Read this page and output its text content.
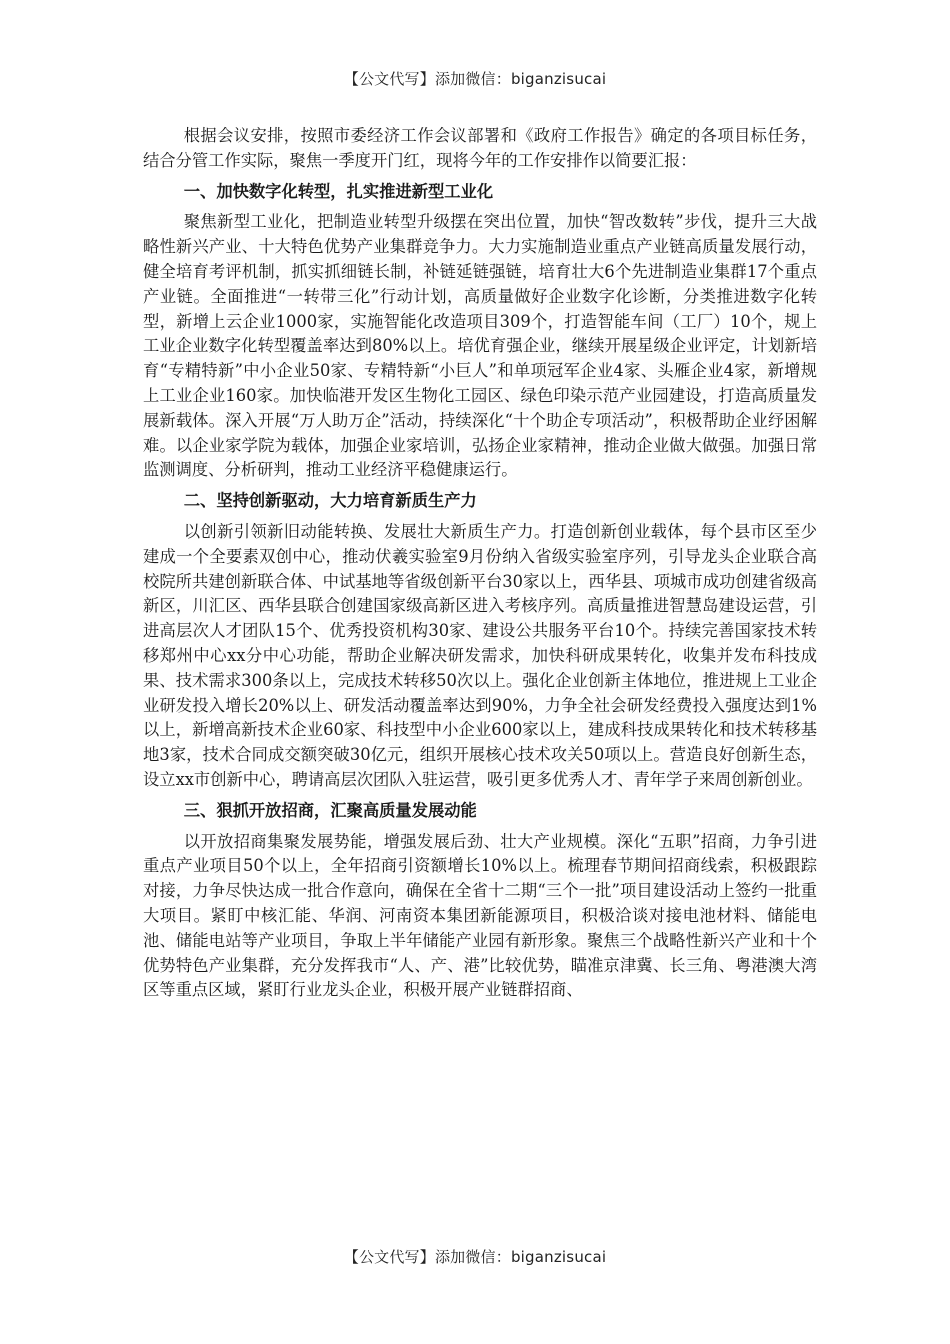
【公文代写】添加微信：biganzisucai

根据会议安排，按照市委经济工作会议部署和《政府工作报告》确定的各项目标任务，结合分管工作实际，聚焦一季度开门红，现将今年的工作安排作以简要汇报：

一、加快数字化转型，扎实推进新型工业化

聚焦新型工业化，把制造业转型升级摆在突出位置，加快“智改数转”步伐，提升三大战略性新兴产业、十大特色优势产业集群竞争力。大力实施制造业重点产业链高质量发展行动，健全培育考评机制，抓实抓细链长制，补链延链强链，培育壮大6个先进制造业集群17个重点产业链。全面推进“一转带三化”行动计划，高质量做好企业数字化诊断，分类推进数字化转型，新增上云企业1000家，实施智能化改造项目309个，打造智能车间（工厂）10个，规上工业企业数字化转型覆盖率达到80%以上。培优育强企业，继续开展星级企业评定，计划新培育“专精特新”中小企业50家、专精特新“小巨人”和单项冠军企业4家、头雁企业4家，新增规上工业企业160家。加快临港开发区生物化工园区、绿色印染示范产业园建设，打造高质量发展新载体。深入开展“万人助万企”活动，持续深化“十个助企专项活动”，积极帮助企业纾困解难。以企业家学院为载体，加强企业家培训，弘扬企业家精神，推动企业做大做强。加强日常监测调度、分析研判，推动工业经济平稳健康运行。

二、坚持创新驱动，大力培育新质生产力

以创新引领新旧动能转换、发展壮大新质生产力。打造创新创业载体，每个县市区至少建成一个全要素双创中心，推动伏羲实验室9月份纳入省级实验室序列，引导龙头企业联合高校院所共建创新联合体、中试基地等省级创新平台30家以上，西华县、项城市成功创建省级高新区，川汇区、西华县联合创建国家级高新区进入考核序列。高质量推进智慧岛建设运营，引进高层次人才团队15个、优秀投资机构30家、建设公共服务平台10个。持续完善国家技术转移郑州中心xx分中心功能，帮助企业解决研发需求，加快科研成果转化，收集并发布科技成果、技术需求300条以上，完成技术转移50次以上。强化企业创新主体地位，推进规上工业企业研发投入增长20%以上、研发活动覆盖率达到90%，力争全社会研发经费投入强度达到1%以上，新增高新技术企业60家、科技型中小企业600家以上，建成科技成果转化和技术转移基地3家，技术合同成交额突破30亿元，组织开展核心技术攻关50项以上。营造良好创新生态，设立xx市创新中心，聘请高层次团队入驻运营，吸引更多优秀人才、青年学子来周创新创业。

三、狠抓开放招商，汇聚高质量发展动能

以开放招商集聚发展势能，增强发展后劲、壮大产业规模。深化“五职”招商，力争引进重点产业项目50个以上，全年招商引资额增长10%以上。梳理春节期间招商线索，积极跟踪对接，力争尽快达成一批合作意向，确保在全省十二期“三个一批”项目建设活动上签约一批重大项目。紧盯中核汇能、华润、河南资本集团新能源项目，积极洽谈对接电池材料、储能电池、储能电站等产业项目，争取上半年储能产业园有新形象。聚焦三个战略性新兴产业和十个优势特色产业集群，充分发挥我市“人、产、港”比较优势，瞄准京津冀、长三角、粤港澳大湾区等重点区域，紧盯行业龙头企业，积极开展产业链群招商、

【公文代写】添加微信：biganzisucai
